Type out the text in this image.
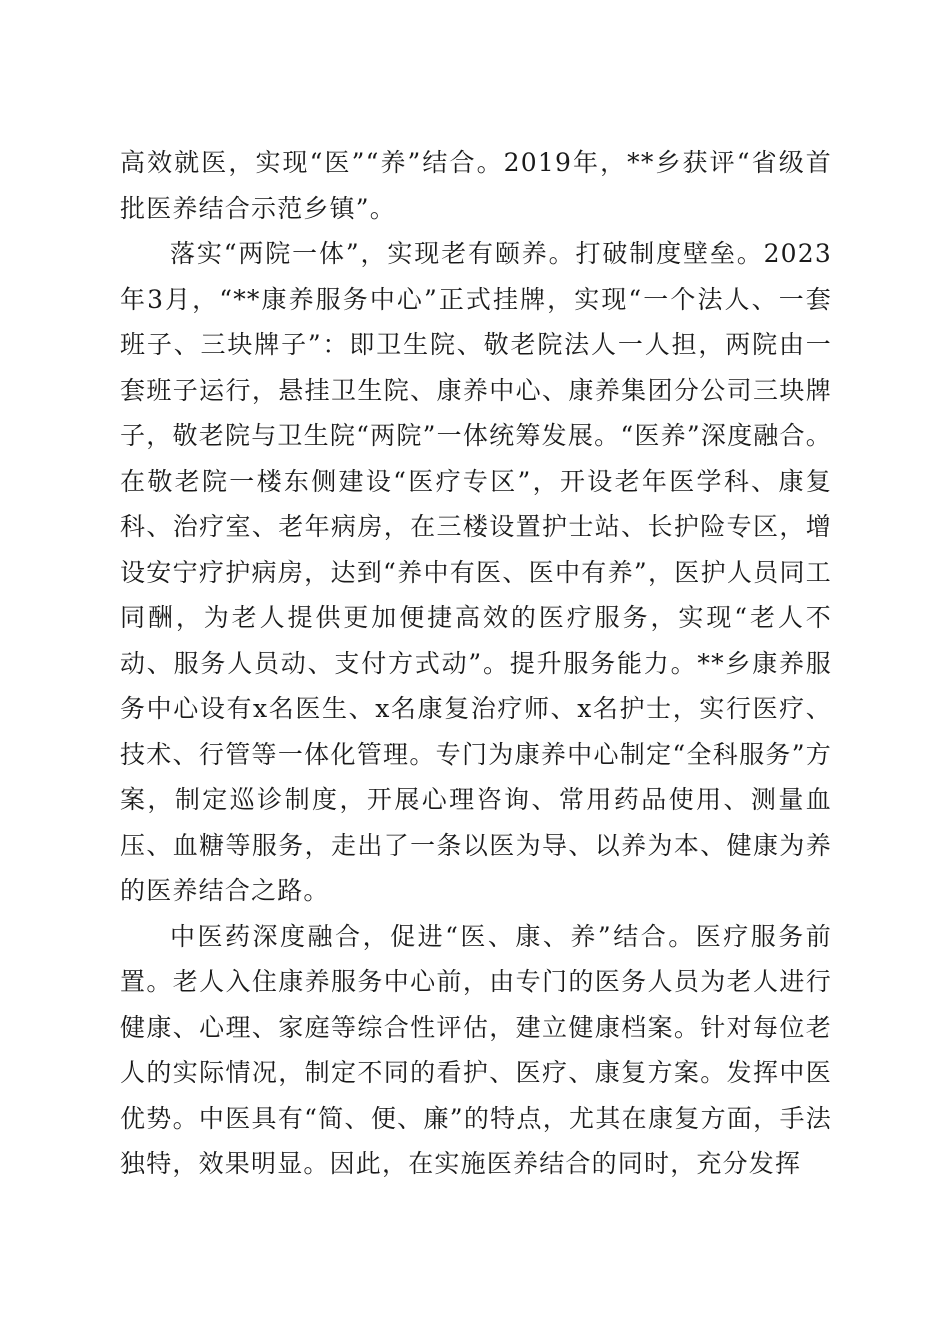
高效就医，实现“医”“养”结合。2019年，**乡获评“省级首批医养结合示范乡镇”。

落实“两院一体”，实现老有颐养。打破制度壁垒。2023年3月，“**康养服务中心”正式挂牌，实现“一个法人、一套班子、三块牌子”：即卫生院、敬老院法人一人担，两院由一套班子运行，悬挂卫生院、康养中心、康养集团分公司三块牌子，敬老院与卫生院“两院”一体统筹发展。“医养”深度融合。在敬老院一楼东侧建设“医疗专区”，开设老年医学科、康复科、治疗室、老年病房，在三楼设置护士站、长护险专区，增设安宁疗护病房，达到“养中有医、医中有养”，医护人员同工同酬，为老人提供更加便捷高效的医疗服务，实现“老人不动、服务人员动、支付方式动”。提升服务能力。**乡康养服务中心设有x名医生、x名康复治疗师、x名护士，实行医疗、技术、行管等一体化管理。专门为康养中心制定“全科服务”方案，制定巡诊制度，开展心理咨询、常用药品使用、测量血压、血糖等服务，走出了一条以医为导、以养为本、健康为养的医养结合之路。

中医药深度融合，促进“医、康、养”结合。医疗服务前置。老人入住康养服务中心前，由专门的医务人员为老人进行健康、心理、家庭等综合性评估，建立健康档案。针对每位老人的实际情况，制定不同的看护、医疗、康复方案。发挥中医优势。中医具有“简、便、廉”的特点，尤其在康复方面，手法独特，效果明显。因此，在实施医养结合的同时，充分发挥
